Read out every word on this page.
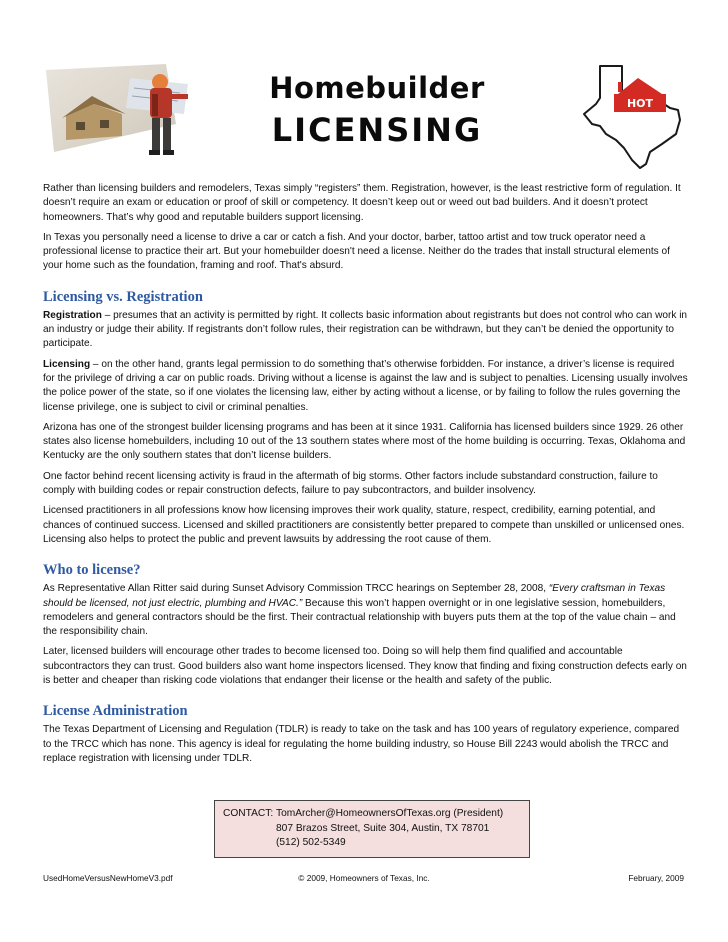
Homebuilder
LICENSING
HOT

Rather than licensing builders and remodelers, Texas simply “registers” them. Registration, however, is the least restrictive form of regulation. It doesn’t require an exam or education or proof of skill or competency. It doesn’t keep out or weed out bad builders. And it doesn’t protect homeowners. That’s why good and reputable builders support licensing.

In Texas you personally need a license to drive a car or catch a fish. And your doctor, barber, tattoo artist and tow truck operator need a professional license to practice their art. But your homebuilder doesn't need a license. Neither do the trades that install structural elements of your home such as the foundation, framing and roof. That's absurd.

Licensing vs. Registration

Registration – presumes that an activity is permitted by right. It collects basic information about registrants but does not control who can work in an industry or judge their ability. If registrants don’t follow rules, their registration can be withdrawn, but they can’t be denied the opportunity to participate.

Licensing – on the other hand, grants legal permission to do something that’s otherwise forbidden. For instance, a driver’s license is required for the privilege of driving a car on public roads. Driving without a license is against the law and is subject to penalties. Licensing usually involves the police power of the state, so if one violates the licensing law, either by acting without a license, or by failing to follow the rules governing the license privilege, one is subject to civil or criminal penalties.

Arizona has one of the strongest builder licensing programs and has been at it since 1931. California has licensed builders since 1929. 26 other states also license homebuilders, including 10 out of the 13 southern states where most of the home building is occurring. Texas, Oklahoma and Kentucky are the only southern states that don’t license builders.

One factor behind recent licensing activity is fraud in the aftermath of big storms. Other factors include substandard construction, failure to comply with building codes or repair construction defects, failure to pay subcontractors, and builder insolvency.

Licensed practitioners in all professions know how licensing improves their work quality, stature, respect, credibility, earning potential, and chances of continued success. Licensed and skilled practitioners are consistently better prepared to compete than unskilled or unlicensed ones. Licensing also helps to protect the public and prevent lawsuits by addressing the root cause of them.

Who to license?

As Representative Allan Ritter said during Sunset Advisory Commission TRCC hearings on September 28, 2008, “Every craftsman in Texas should be licensed, not just electric, plumbing and HVAC.” Because this won’t happen overnight or in one legislative session, homebuilders, remodelers and general contractors should be the first. Their contractual relationship with buyers puts them at the top of the value chain – and the responsibility chain.

Later, licensed builders will encourage other trades to become licensed too. Doing so will help them find qualified and accountable subcontractors they can trust. Good builders also want home inspectors licensed. They know that finding and fixing construction defects early on is better and cheaper than risking code violations that endanger their license or the health and safety of the public.

License Administration

The Texas Department of Licensing and Regulation (TDLR) is ready to take on the task and has 100 years of regulatory experience, compared to the TRCC which has none. This agency is ideal for regulating the home building industry, so House Bill 2243 would abolish the TRCC and replace registration with licensing under TDLR.

CONTACT: TomArcher@HomeownersOfTexas.org (President)
807 Brazos Street, Suite 304, Austin, TX 78701
(512) 502-5349
UsedHomeVersusNewHomeV3.pdf	© 2009, Homeowners of Texas, Inc.	February, 2009
